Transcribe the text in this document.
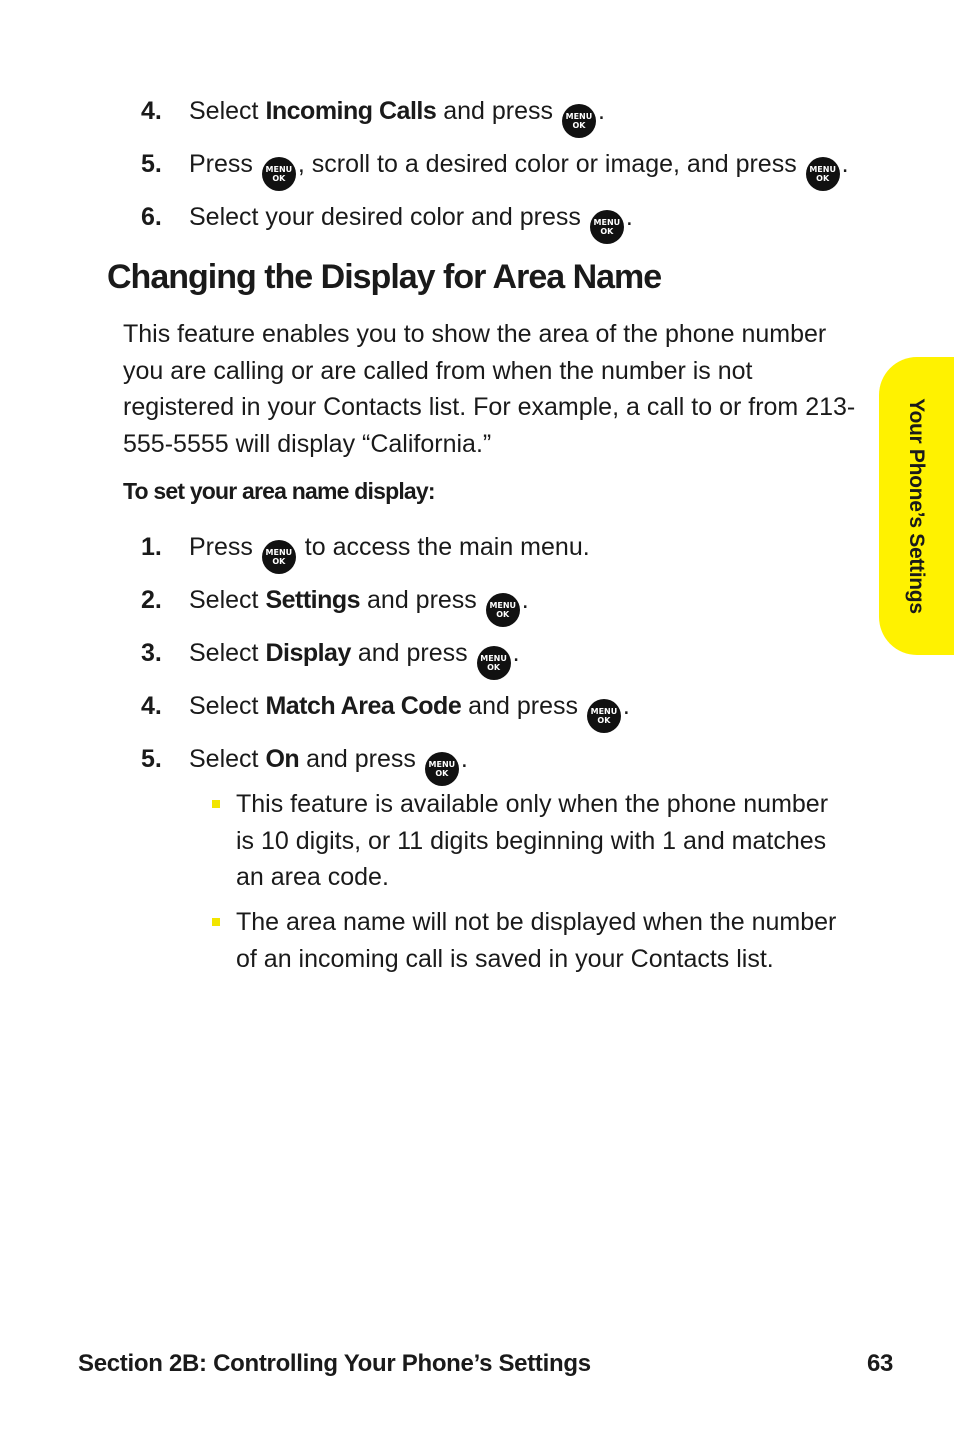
4. Select Incoming Calls and press MENU
OK
.
5. Press MENU
OK
, scroll to a desired color or image, and press MENU
OK
.
6. Select your desired color and press MENU
OK
.
Changing the Display for Area Name

This feature enables you to show the area of the phone number you are calling or are called from when the number is not registered in your Contacts list. For example, a call to or from 213-555-5555 will display “California.”

To set your area name display:

1. Press MENU
OK
to access the main menu.
2. Select Settings and press MENU
OK
.
3. Select Display and press MENU
OK
.
4. Select Match Area Code and press MENU
OK
.
5. Select On and press MENU
OK
.

This feature is available only when the phone number is 10 digits, or 11 digits beginning with 1 and matches an area code.

The area name will not be displayed when the number of an incoming call is saved in your Contacts list.

Your Phone’s Settings
Section 2B: Controlling Your Phone’s Settings	63
